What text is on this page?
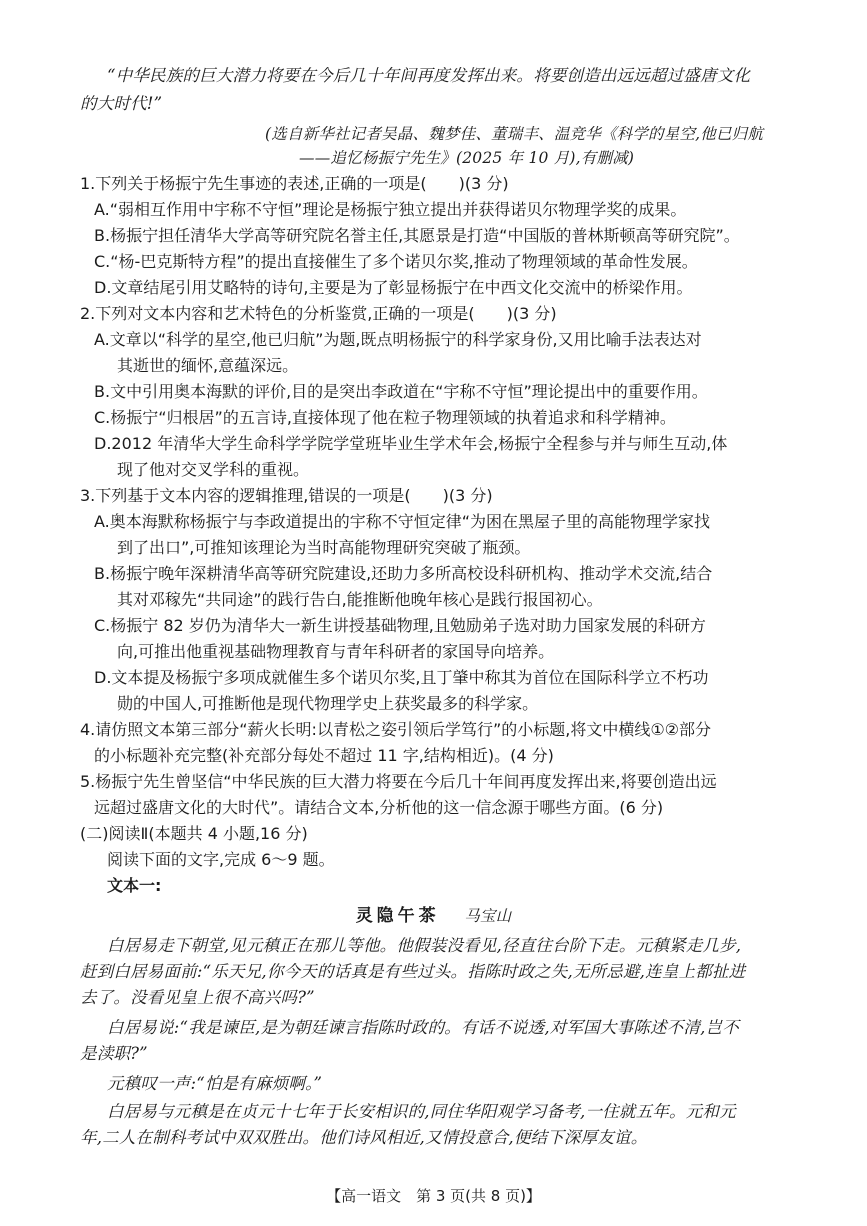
“中华民族的巨大潜力将要在今后几十年间再度发挥出来。将要创造出远远超过盛唐文化
的大时代!”
(选自新华社记者吴晶、魏梦佳、董瑞丰、温竞华《科学的星空,他已归航
——追忆杨振宁先生》(2025 年 10 月),有删减)
1.下列关于杨振宁先生事迹的表述,正确的一项是(　　)(3 分)
A.“弱相互作用中宇称不守恒”理论是杨振宁独立提出并获得诺贝尔物理学奖的成果。
B.杨振宁担任清华大学高等研究院名誉主任,其愿景是打造“中国版的普林斯顿高等研究院”。
C.“杨-巴克斯特方程”的提出直接催生了多个诺贝尔奖,推动了物理领域的革命性发展。
D.文章结尾引用艾略特的诗句,主要是为了彰显杨振宁在中西文化交流中的桥梁作用。
2.下列对文本内容和艺术特色的分析鉴赏,正确的一项是(　　)(3 分)
A.文章以“科学的星空,他已归航”为题,既点明杨振宁的科学家身份,又用比喻手法表达对
其逝世的缅怀,意蕴深远。
B.文中引用奥本海默的评价,目的是突出李政道在“宇称不守恒”理论提出中的重要作用。
C.杨振宁“归根居”的五言诗,直接体现了他在粒子物理领域的执着追求和科学精神。
D.2012 年清华大学生命科学学院学堂班毕业生学术年会,杨振宁全程参与并与师生互动,体
现了他对交叉学科的重视。
3.下列基于文本内容的逻辑推理,错误的一项是(　　)(3 分)
A.奥本海默称杨振宁与李政道提出的宇称不守恒定律“为困在黑屋子里的高能物理学家找
到了出口”,可推知该理论为当时高能物理研究突破了瓶颈。
B.杨振宁晚年深耕清华高等研究院建设,还助力多所高校设科研机构、推动学术交流,结合
其对邓稼先“共同途”的践行告白,能推断他晚年核心是践行报国初心。
C.杨振宁 82 岁仍为清华大一新生讲授基础物理,且勉励弟子选对助力国家发展的科研方
向,可推出他重视基础物理教育与青年科研者的家国导向培养。
D.文本提及杨振宁多项成就催生多个诺贝尔奖,且丁肇中称其为首位在国际科学立不朽功
勋的中国人,可推断他是现代物理学史上获奖最多的科学家。
4.请仿照文本第三部分“薪火长明:以青松之姿引领后学笃行”的小标题,将文中横线①②部分
的小标题补充完整(补充部分每处不超过 11 字,结构相近)。(4 分)
5.杨振宁先生曾坚信“中华民族的巨大潜力将要在今后几十年间再度发挥出来,将要创造出远
远超过盛唐文化的大时代”。请结合文本,分析他的这一信念源于哪些方面。(6 分)
(二)阅读Ⅱ(本题共 4 小题,16 分)
阅读下面的文字,完成 6～9 题。
文本一:
灵隐午茶 马宝山
白居易走下朝堂,见元稹正在那儿等他。他假装没看见,径直往台阶下走。元稹紧走几步,
赶到白居易面前:“乐天兄,你今天的话真是有些过头。指陈时政之失,无所忌避,连皇上都扯进
去了。没看见皇上很不高兴吗?”
白居易说:“我是谏臣,是为朝廷谏言指陈时政的。有话不说透,对军国大事陈述不清,岂不
是渎职?”
元稹叹一声:“怕是有麻烦啊。”
白居易与元稹是在贞元十七年于长安相识的,同住华阳观学习备考,一住就五年。元和元
年,二人在制科考试中双双胜出。他们诗风相近,又情投意合,便结下深厚友谊。
【高一语文　第 3 页(共 8 页)】
